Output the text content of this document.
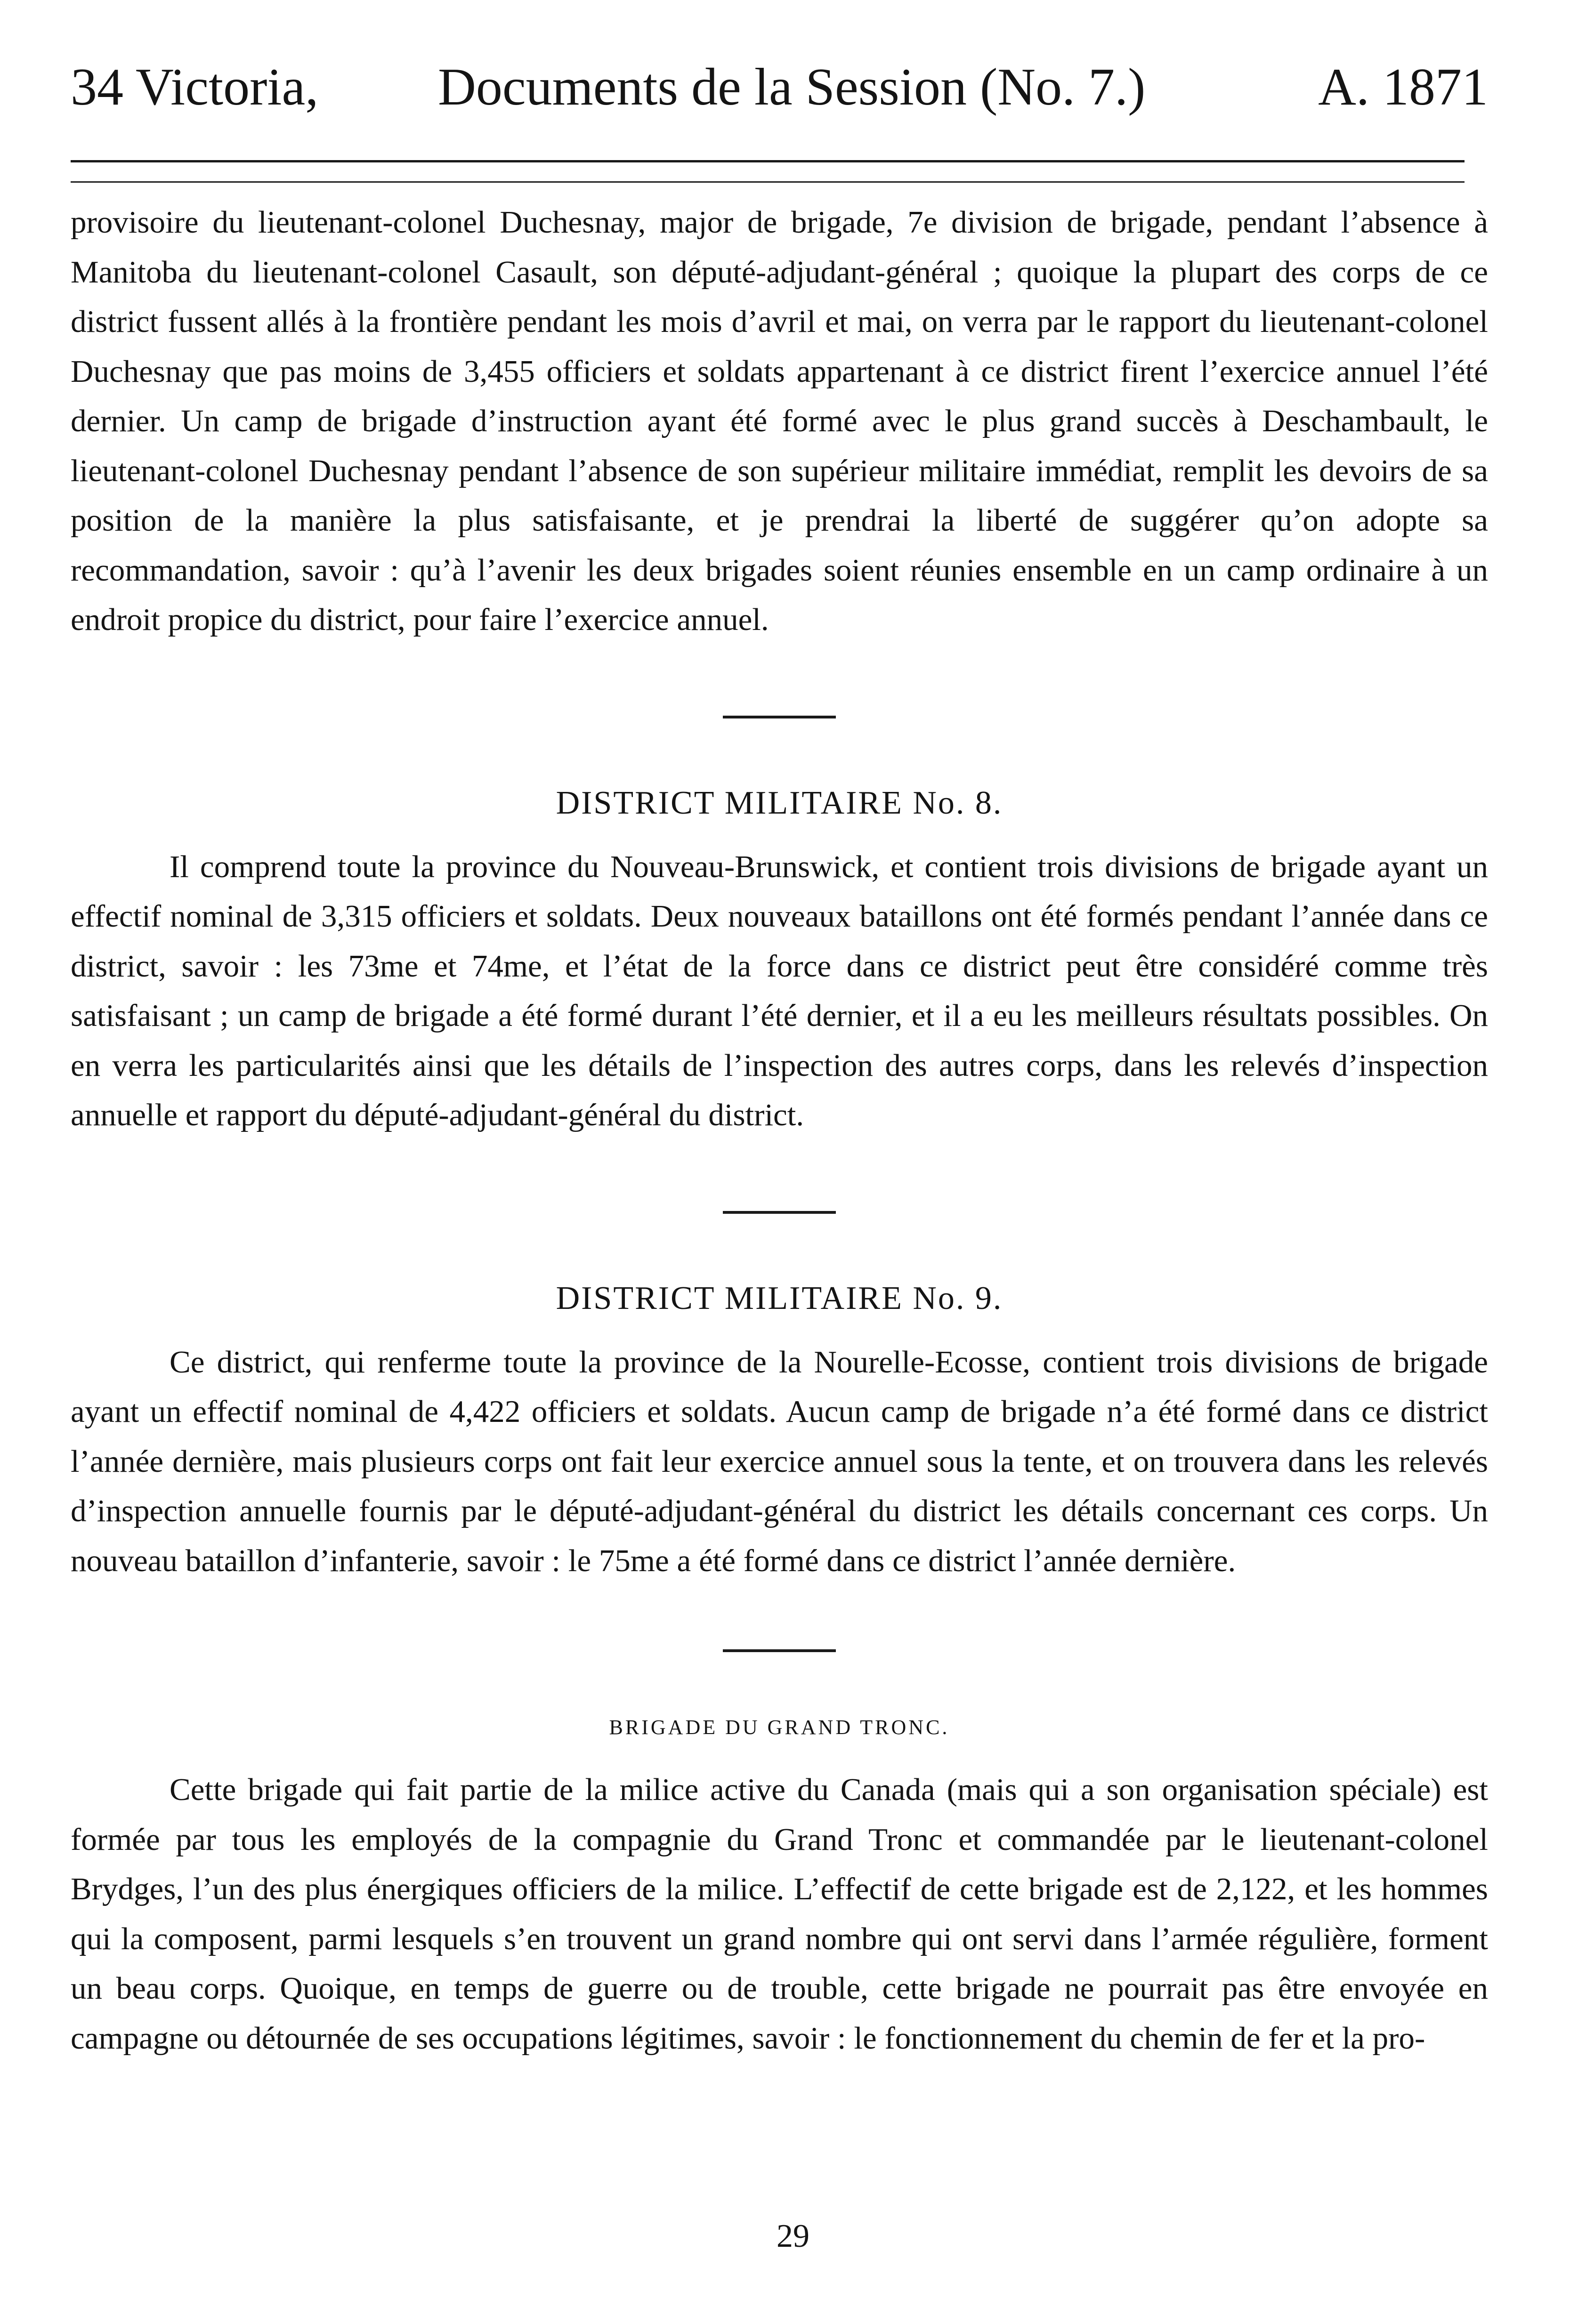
34 Victoria, Documents de la Session (No. 7.)	A. 1871

provisoire du lieutenant-colonel Duchesnay, major de brigade, 7e division de brigade, pendant l’absence à Manitoba du lieutenant-colonel Casault, son député-adjudant-général ; quoique la plupart des corps de ce district fussent allés à la frontière pendant les mois d’avril et mai, on verra par le rapport du lieutenant-colonel Duchesnay que pas moins de 3,455 officiers et soldats appartenant à ce district firent l’exercice annuel l’été dernier. Un camp de brigade d’instruction ayant été formé avec le plus grand succès à Deschambault, le lieutenant-colonel Duchesnay pendant l’absence de son supérieur militaire immédiat, remplit les devoirs de sa position de la manière la plus satisfaisante, et je prendrai la liberté de suggérer qu’on adopte sa recommandation, savoir : qu’à l’avenir les deux brigades soient réunies ensemble en un camp ordinaire à un endroit propice du district, pour faire l’exercice annuel.

DISTRICT MILITAIRE No. 8.

Il comprend toute la province du Nouveau-Brunswick, et contient trois divisions de brigade ayant un effectif nominal de 3,315 officiers et soldats. Deux nouveaux bataillons ont été formés pendant l’année dans ce district, savoir : les 73me et 74me, et l’état de la force dans ce district peut être considéré comme très satisfaisant ; un camp de brigade a été formé durant l’été dernier, et il a eu les meilleurs résultats possibles. On en verra les particularités ainsi que les détails de l’inspection des autres corps, dans les relevés d’inspection annuelle et rapport du député-adjudant-général du district.

DISTRICT MILITAIRE No. 9.

Ce district, qui renferme toute la province de la Nourelle-Ecosse, contient trois divisions de brigade ayant un effectif nominal de 4,422 officiers et soldats. Aucun camp de brigade n’a été formé dans ce district l’année dernière, mais plusieurs corps ont fait leur exercice annuel sous la tente, et on trouvera dans les relevés d’inspection annuelle fournis par le député-adjudant-général du district les détails concernant ces corps. Un nouveau bataillon d’infanterie, savoir : le 75me a été formé dans ce district l’année dernière.

BRIGADE DU GRAND TRONC.

Cette brigade qui fait partie de la milice active du Canada (mais qui a son organisation spéciale) est formée par tous les employés de la compagnie du Grand Tronc et commandée par le lieutenant-colonel Brydges, l’un des plus énergiques officiers de la milice. L’effectif de cette brigade est de 2,122, et les hommes qui la composent, parmi lesquels s’en trouvent un grand nombre qui ont servi dans l’armée régulière, forment un beau corps. Quoique, en temps de guerre ou de trouble, cette brigade ne pourrait pas être envoyée en campagne ou détournée de ses occupations légitimes, savoir : le fonctionnement du chemin de fer et la pro-

29
